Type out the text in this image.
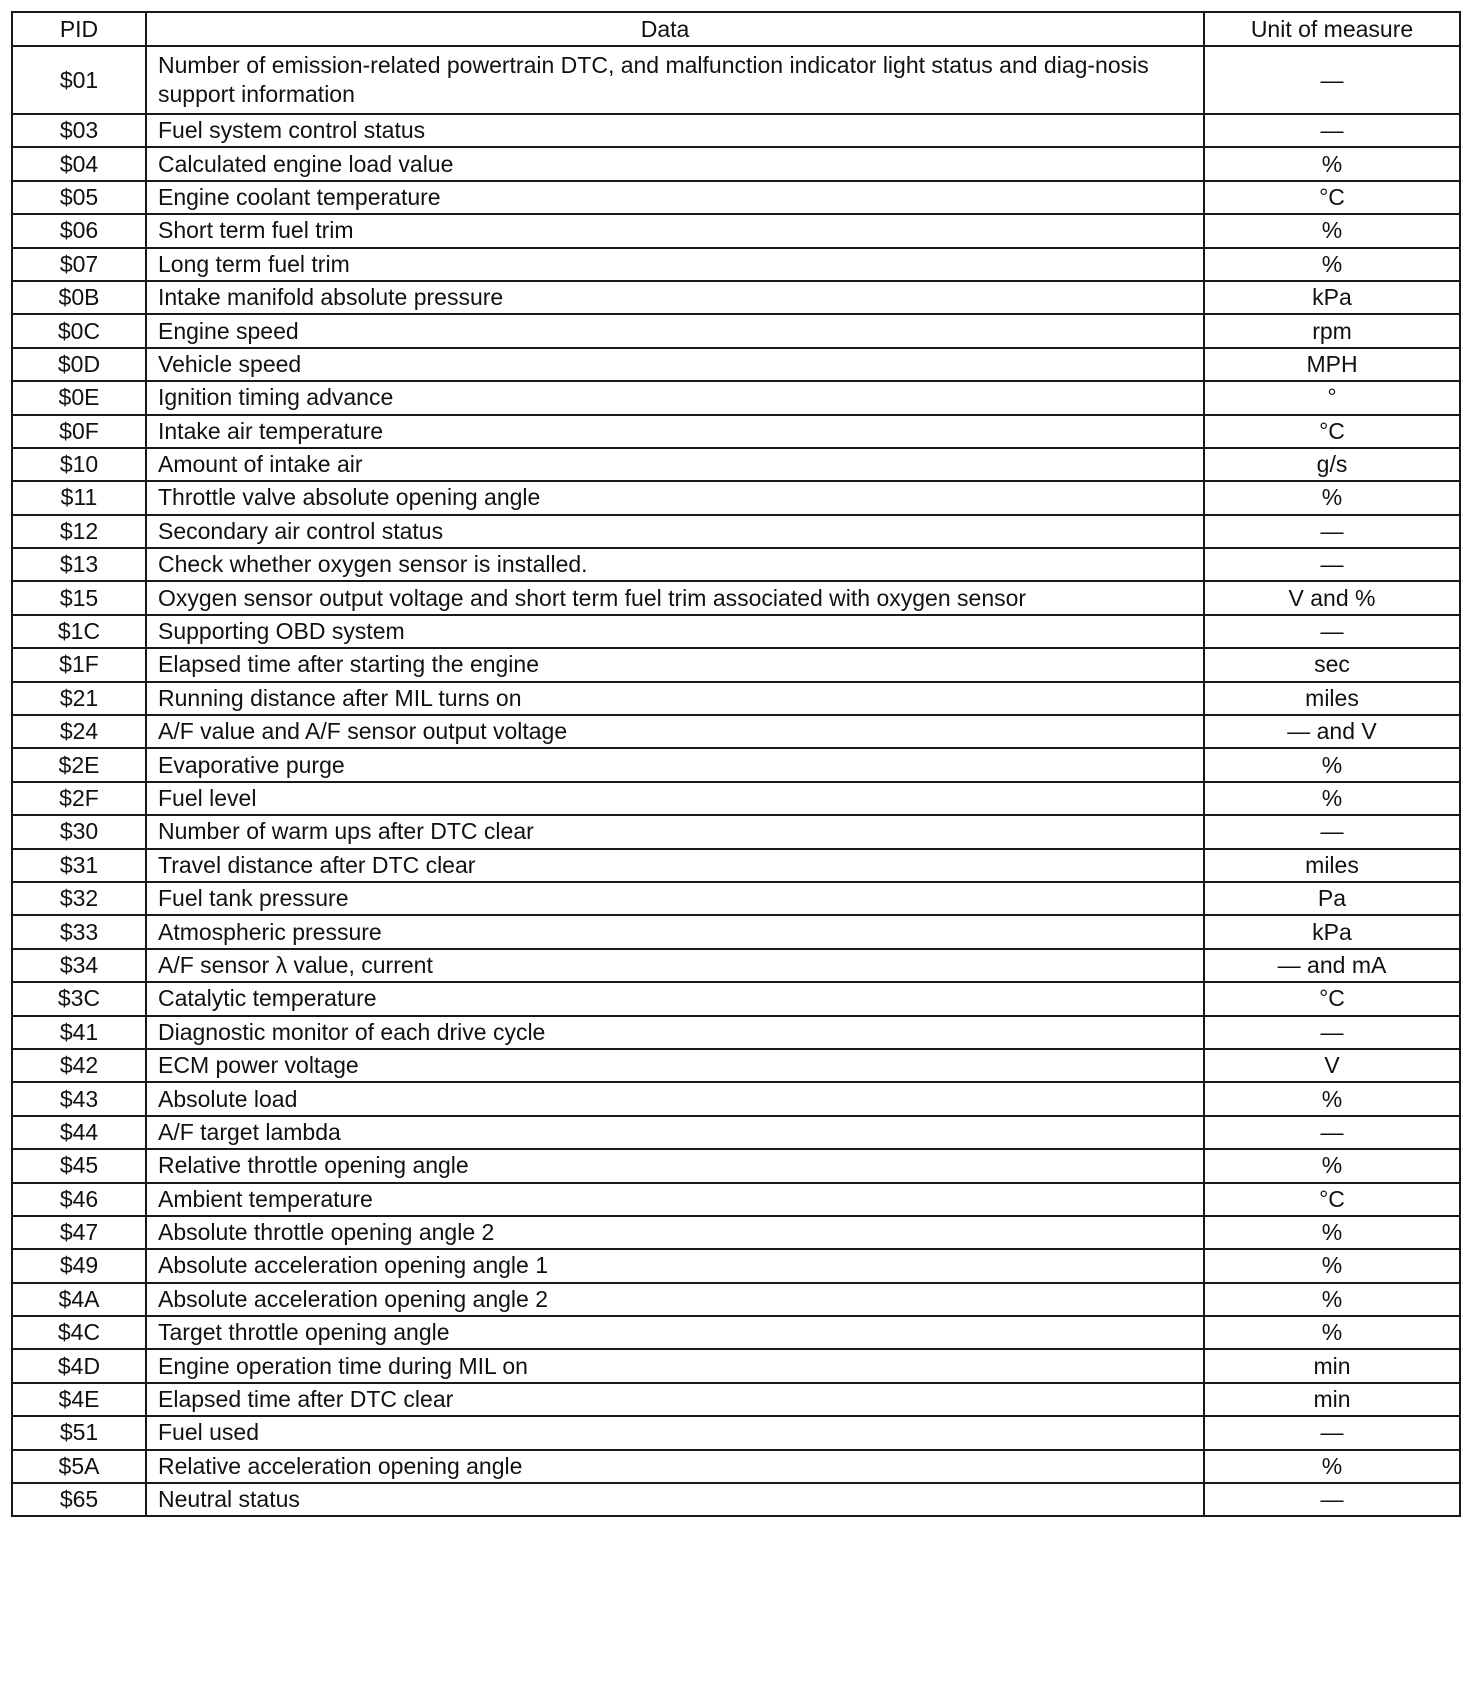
PID	Data	Unit of measure
$01	Number of emission-related powertrain DTC, and malfunction indicator light status and diag-nosis support information	—
$03	Fuel system control status	—
$04	Calculated engine load value	%
$05	Engine coolant temperature	°C
$06	Short term fuel trim	%
$07	Long term fuel trim	%
$0B	Intake manifold absolute pressure	kPa
$0C	Engine speed	rpm
$0D	Vehicle speed	MPH
$0E	Ignition timing advance	°
$0F	Intake air temperature	°C
$10	Amount of intake air	g/s
$11	Throttle valve absolute opening angle	%
$12	Secondary air control status	—
$13	Check whether oxygen sensor is installed.	—
$15	Oxygen sensor output voltage and short term fuel trim associated with oxygen sensor	V and %
$1C	Supporting OBD system	—
$1F	Elapsed time after starting the engine	sec
$21	Running distance after MIL turns on	miles
$24	A/F value and A/F sensor output voltage	— and V
$2E	Evaporative purge	%
$2F	Fuel level	%
$30	Number of warm ups after DTC clear	—
$31	Travel distance after DTC clear	miles
$32	Fuel tank pressure	Pa
$33	Atmospheric pressure	kPa
$34	A/F sensor λ value, current	— and mA
$3C	Catalytic temperature	°C
$41	Diagnostic monitor of each drive cycle	—
$42	ECM power voltage	V
$43	Absolute load	%
$44	A/F target lambda	—
$45	Relative throttle opening angle	%
$46	Ambient temperature	°C
$47	Absolute throttle opening angle 2	%
$49	Absolute acceleration opening angle 1	%
$4A	Absolute acceleration opening angle 2	%
$4C	Target throttle opening angle	%
$4D	Engine operation time during MIL on	min
$4E	Elapsed time after DTC clear	min
$51	Fuel used	—
$5A	Relative acceleration opening angle	%
$65	Neutral status	—
